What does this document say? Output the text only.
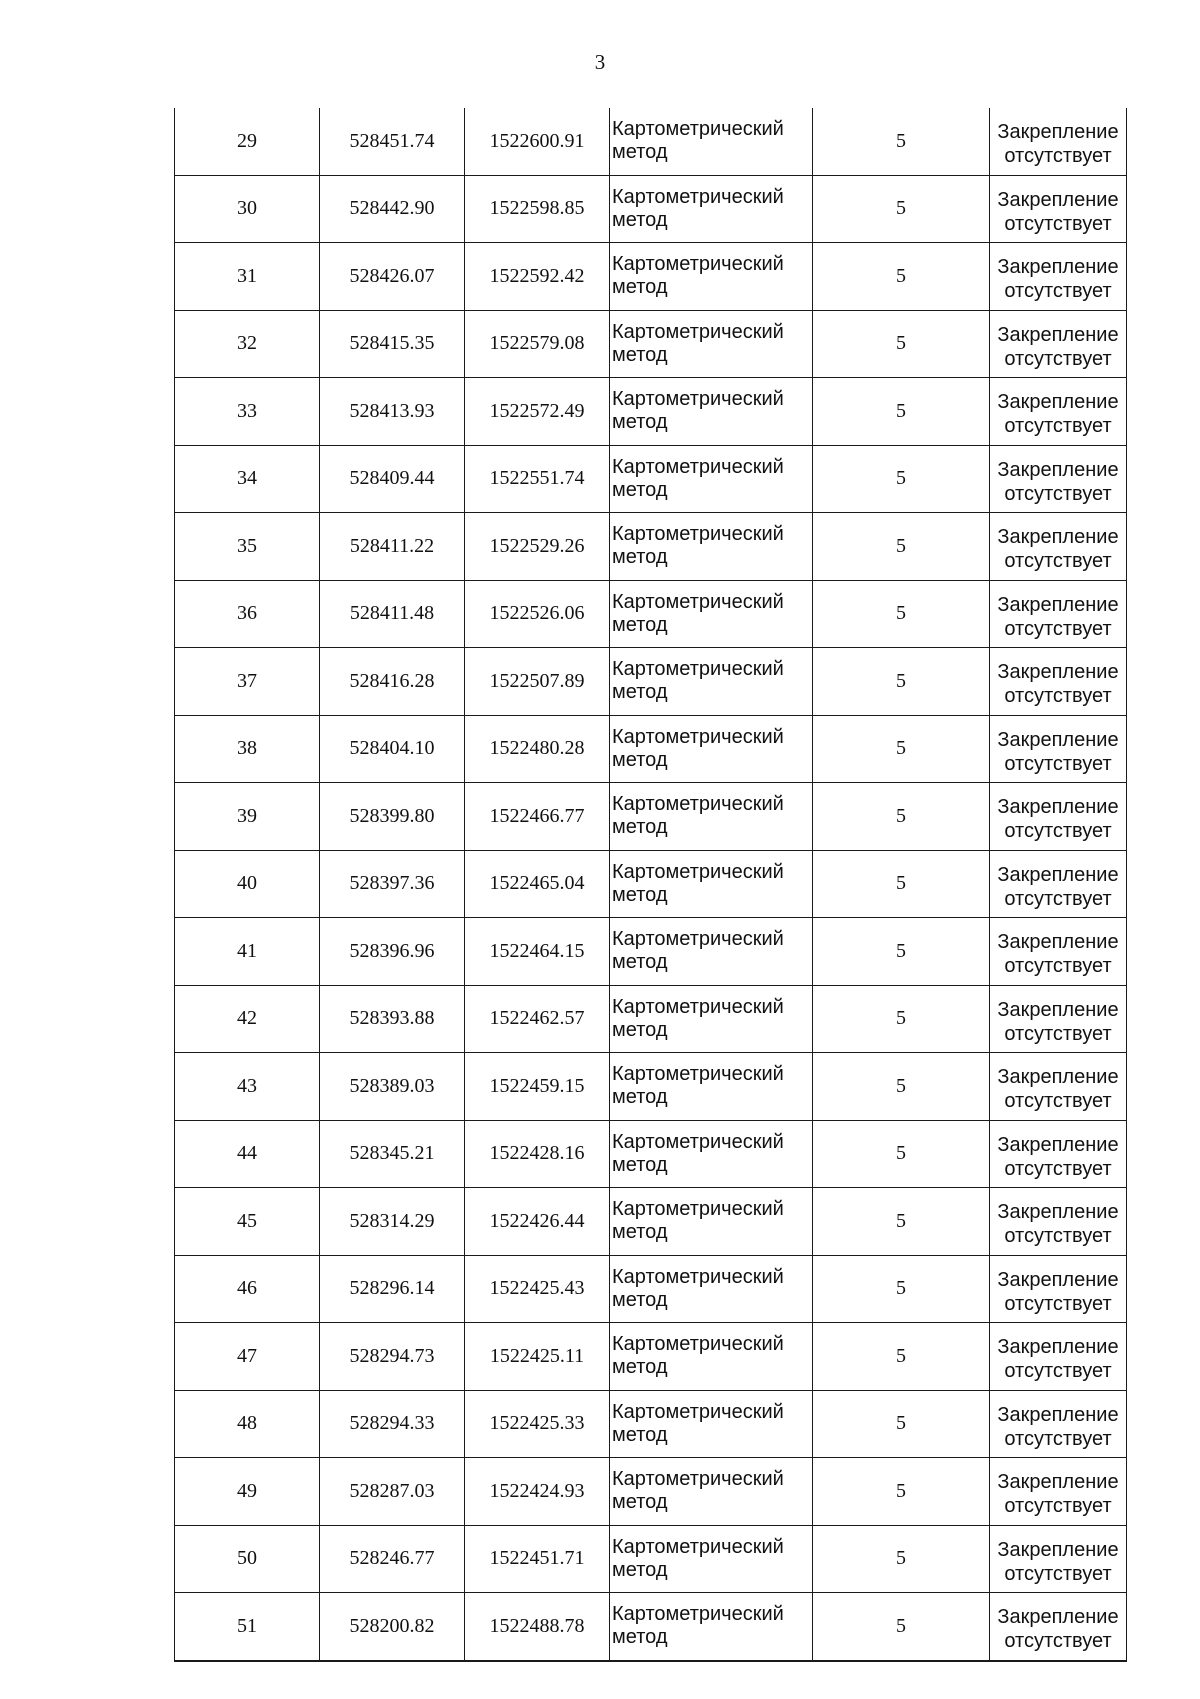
3
29	528451.74	1522600.91	Картометрический
метод	5	Закрепление
отсутствует

30	528442.90	1522598.85	Картометрический
метод	5	Закрепление
отсутствует

31	528426.07	1522592.42	Картометрический
метод	5	Закрепление
отсутствует

32	528415.35	1522579.08	Картометрический
метод	5	Закрепление
отсутствует

33	528413.93	1522572.49	Картометрический
метод	5	Закрепление
отсутствует

34	528409.44	1522551.74	Картометрический
метод	5	Закрепление
отсутствует

35	528411.22	1522529.26	Картометрический
метод	5	Закрепление
отсутствует

36	528411.48	1522526.06	Картометрический
метод	5	Закрепление
отсутствует

37	528416.28	1522507.89	Картометрический
метод	5	Закрепление
отсутствует

38	528404.10	1522480.28	Картометрический
метод	5	Закрепление
отсутствует

39	528399.80	1522466.77	Картометрический
метод	5	Закрепление
отсутствует

40	528397.36	1522465.04	Картометрический
метод	5	Закрепление
отсутствует

41	528396.96	1522464.15	Картометрический
метод	5	Закрепление
отсутствует

42	528393.88	1522462.57	Картометрический
метод	5	Закрепление
отсутствует

43	528389.03	1522459.15	Картометрический
метод	5	Закрепление
отсутствует

44	528345.21	1522428.16	Картометрический
метод	5	Закрепление
отсутствует

45	528314.29	1522426.44	Картометрический
метод	5	Закрепление
отсутствует

46	528296.14	1522425.43	Картометрический
метод	5	Закрепление
отсутствует

47	528294.73	1522425.11	Картометрический
метод	5	Закрепление
отсутствует

48	528294.33	1522425.33	Картометрический
метод	5	Закрепление
отсутствует

49	528287.03	1522424.93	Картометрический
метод	5	Закрепление
отсутствует

50	528246.77	1522451.71	Картометрический
метод	5	Закрепление
отсутствует

51	528200.82	1522488.78	Картометрический
метод	5	Закрепление
отсутствует
